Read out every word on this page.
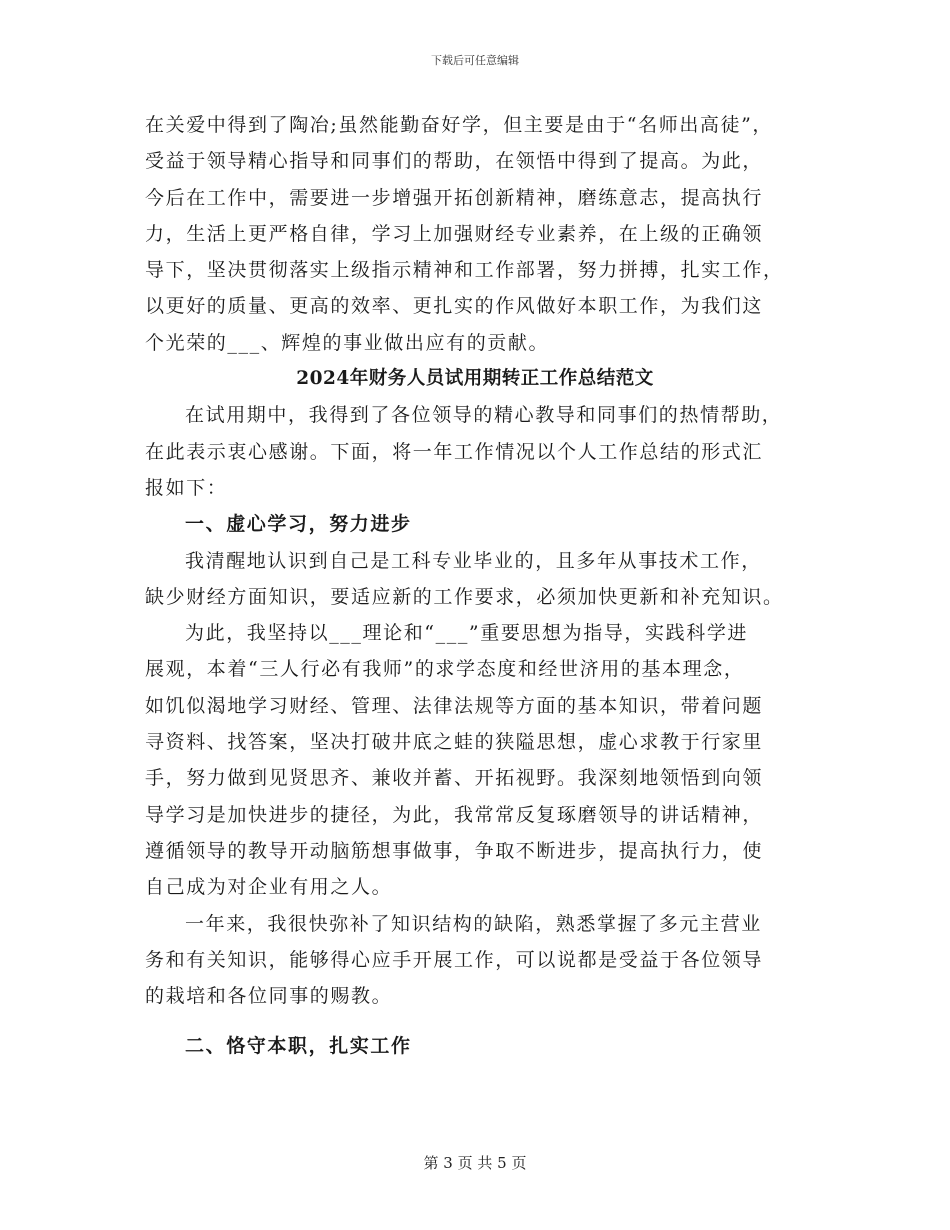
下载后可任意编辑
在关爱中得到了陶冶;虽然能勤奋好学，但主要是由于“名师出高徒”，
受益于领导精心指导和同事们的帮助，在领悟中得到了提高。为此，
今后在工作中，需要进一步增强开拓创新精神，磨练意志，提高执行
力，生活上更严格自律，学习上加强财经专业素养，在上级的正确领
导下，坚决贯彻落实上级指示精神和工作部署，努力拼搏，扎实工作，
以更好的质量、更高的效率、更扎实的作风做好本职工作，为我们这
个光荣的___、辉煌的事业做出应有的贡献。
2024年财务人员试用期转正工作总结范文
在试用期中，我得到了各位领导的精心教导和同事们的热情帮助，
在此表示衷心感谢。下面，将一年工作情况以个人工作总结的形式汇
报如下：
一、虚心学习，努力进步
我清醒地认识到自己是工科专业毕业的，且多年从事技术工作，
缺少财经方面知识，要适应新的工作要求，必须加快更新和补充知识。
为此，我坚持以___理论和“___”重要思想为指导，实践科学进
展观，本着“三人行必有我师”的求学态度和经世济用的基本理念，
如饥似渴地学习财经、管理、法律法规等方面的基本知识，带着问题
寻资料、找答案，坚决打破井底之蛙的狭隘思想，虚心求教于行家里
手，努力做到见贤思齐、兼收并蓄、开拓视野。我深刻地领悟到向领
导学习是加快进步的捷径，为此，我常常反复琢磨领导的讲话精神，
遵循领导的教导开动脑筋想事做事，争取不断进步，提高执行力，使
自己成为对企业有用之人。
一年来，我很快弥补了知识结构的缺陷，熟悉掌握了多元主营业
务和有关知识，能够得心应手开展工作，可以说都是受益于各位领导
的栽培和各位同事的赐教。
二、恪守本职，扎实工作
第 3 页 共 5 页
